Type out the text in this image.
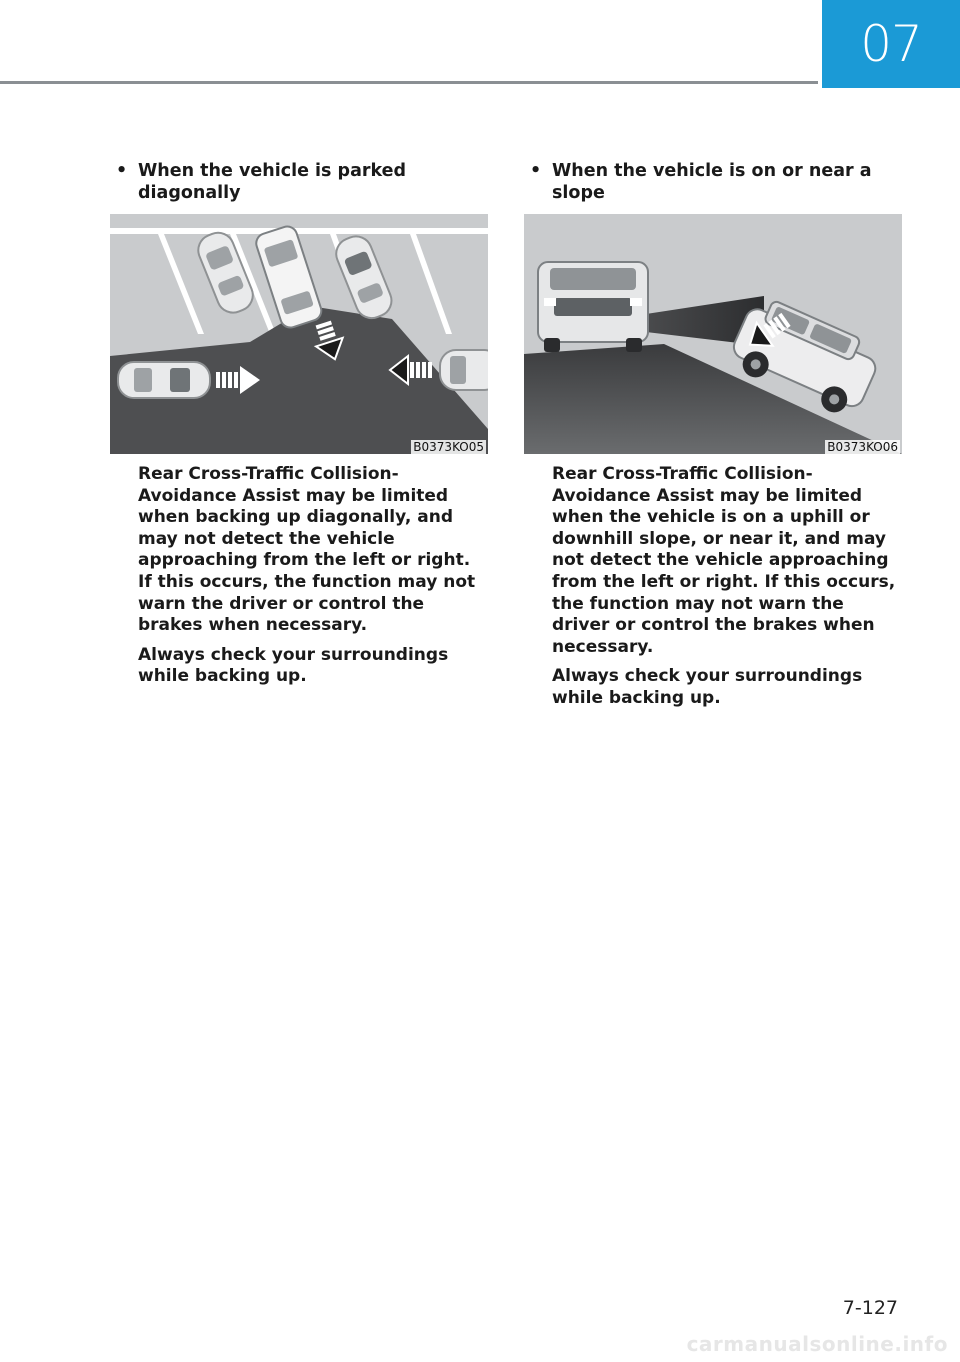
07
• When the vehicle is parked diagonally
B0373KO05

Rear Cross-Traffic Collision-Avoidance Assist may be limited when backing up diagonally, and may not detect the vehicle approaching from the left or right. If this occurs, the function may not warn the driver or control the brakes when necessary.

Always check your surroundings while backing up.

• When the vehicle is on or near a slope
B0373KO06

Rear Cross-Traffic Collision-Avoidance Assist may be limited when the vehicle is on a uphill or downhill slope, or near it, and may not detect the vehicle approaching from the left or right. If this occurs, the function may not warn the driver or control the brakes when necessary.

Always check your surroundings while backing up.

7-127
carmanualsonline.info
